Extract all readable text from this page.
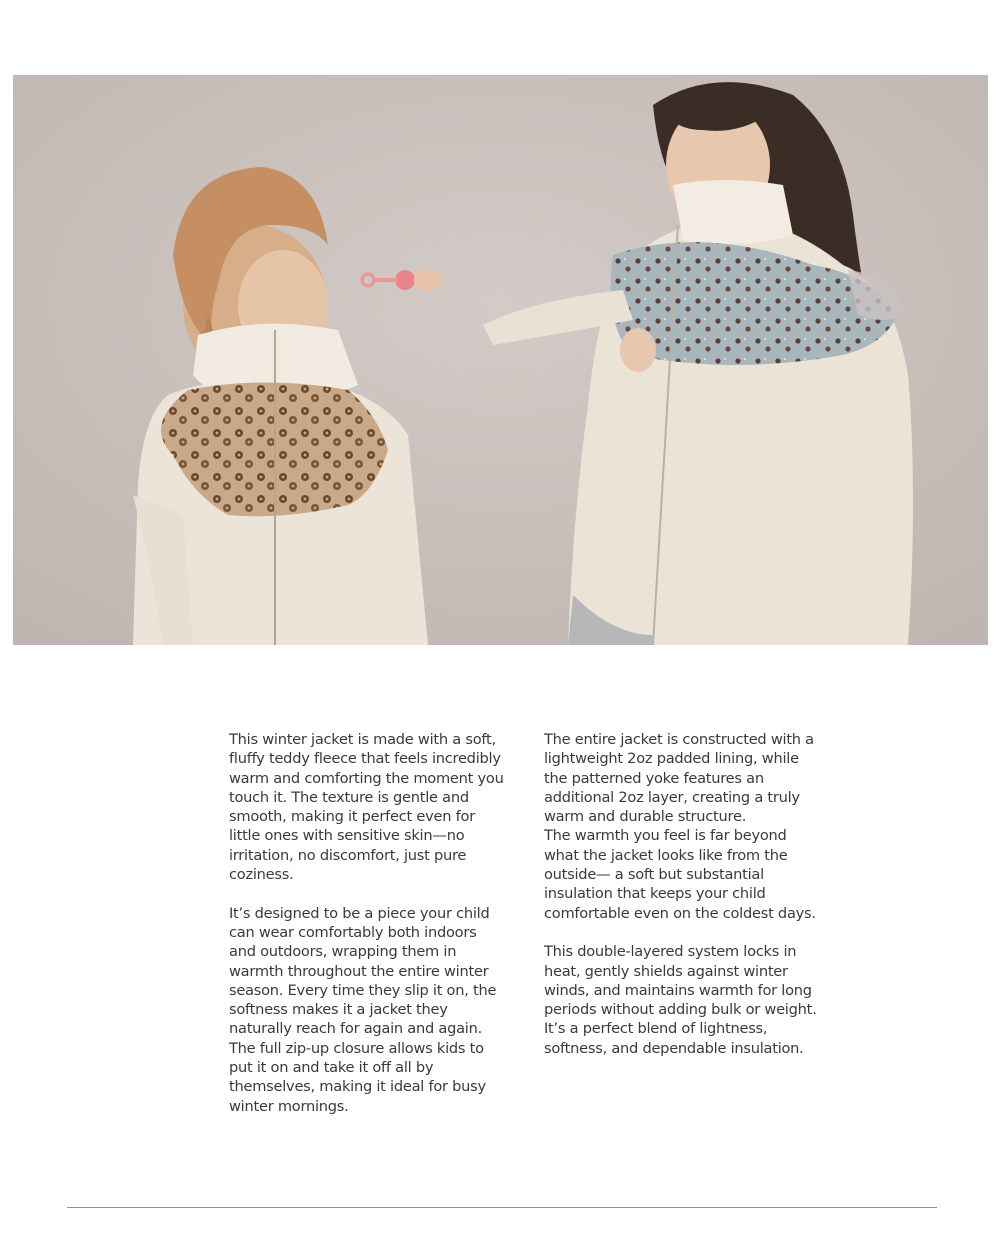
This winter jacket is made with a soft, fluffy teddy fleece that feels incredibly warm and comforting the moment you touch it. The texture is gentle and smooth, making it perfect even for little ones with sensitive skin—no irritation, no discomfort, just pure coziness.

It’s designed to be a piece your child can wear comfortably both indoors and outdoors, wrapping them in warmth throughout the entire winter season. Every time they slip it on, the softness makes it a jacket they naturally reach for again and again. The full zip-up closure allows kids to put it on and take it off all by themselves, making it ideal for busy winter mornings.

The entire jacket is constructed with a lightweight 2oz padded lining, while the patterned yoke features an additional 2oz layer, creating a truly warm and durable structure.

The warmth you feel is far beyond what the jacket looks like from the outside— a soft but substantial insulation that keeps your child comfortable even on the coldest days.

This double-layered system locks in heat, gently shields against winter winds, and maintains warmth for long periods without adding bulk or weight. It’s a perfect blend of lightness, softness, and dependable insulation.
